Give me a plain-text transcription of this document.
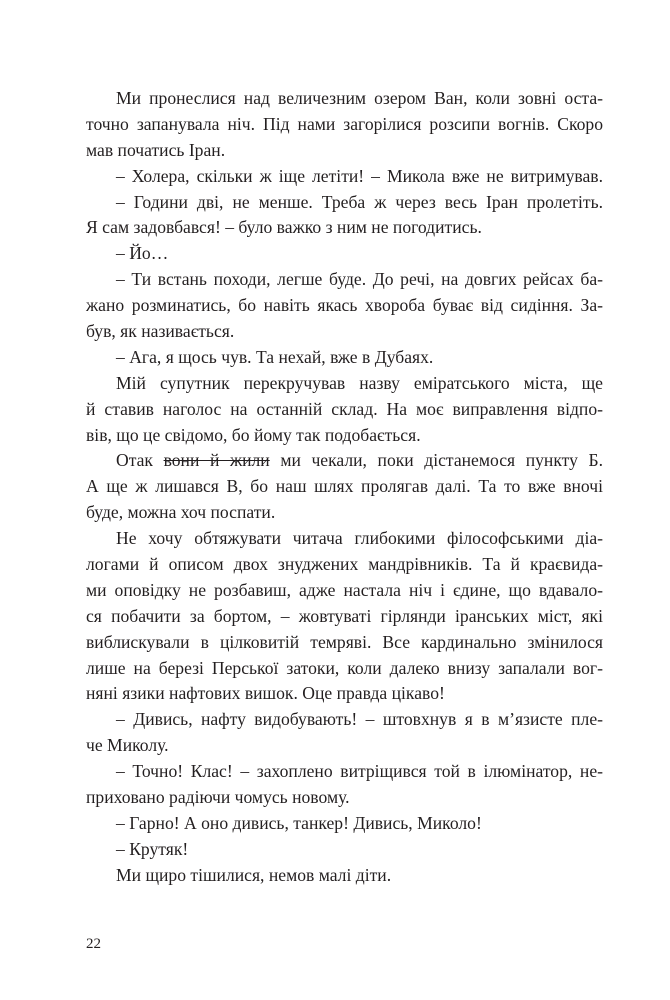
Ми пронеслися над величезним озером Ван, коли зовні оста-
точно запанувала ніч. Під нами загорілися розсипи вогнів. Скоро
мав початись Іран.
– Холера, скільки ж іще летіти! – Микола вже не витримував.
– Години дві, не менше. Треба ж через весь Іран пролетіть.
Я сам задовбався! – було важко з ним не погодитись.
– Йо…
– Ти встань походи, легше буде. До речі, на довгих рейсах ба-
жано розминатись, бо навіть якась хвороба буває від сидіння. За-
був, як називається.
– Ага, я щось чув. Та нехай, вже в Дубаях.
Мій супутник перекручував назву еміратського міста, ще
й ставив наголос на останній склад. На моє виправлення відпо-
вів, що це свідомо, бо йому так подобається.
Отак вони й жили ми чекали, поки дістанемося пункту Б.
А ще ж лишався В, бо наш шлях пролягав далі. Та то вже вночі
буде, можна хоч поспати.
Не хочу обтяжувати читача глибокими філософськими діа-
логами й описом двох знуджених мандрівників. Та й краєвида-
ми оповідку не розбавиш, адже настала ніч і єдине, що вдавало-
ся побачити за бортом, – жовтуваті гірлянди іранських міст, які
виблискували в цілковитій темряві. Все кардинально змінилося
лише на березі Перської затоки, коли далеко внизу запалали вог-
няні язики нафтових вишок. Оце правда цікаво!
– Дивись, нафту видобувають! – штовхнув я в м’язисте пле-
че Миколу.
– Точно! Клас! – захоплено витріщився той в ілюмінатор, не-
приховано радіючи чомусь новому.
– Гарно! А оно дивись, танкер! Дивись, Миколо!
– Крутяк!
Ми щиро тішилися, немов малі діти.
22
